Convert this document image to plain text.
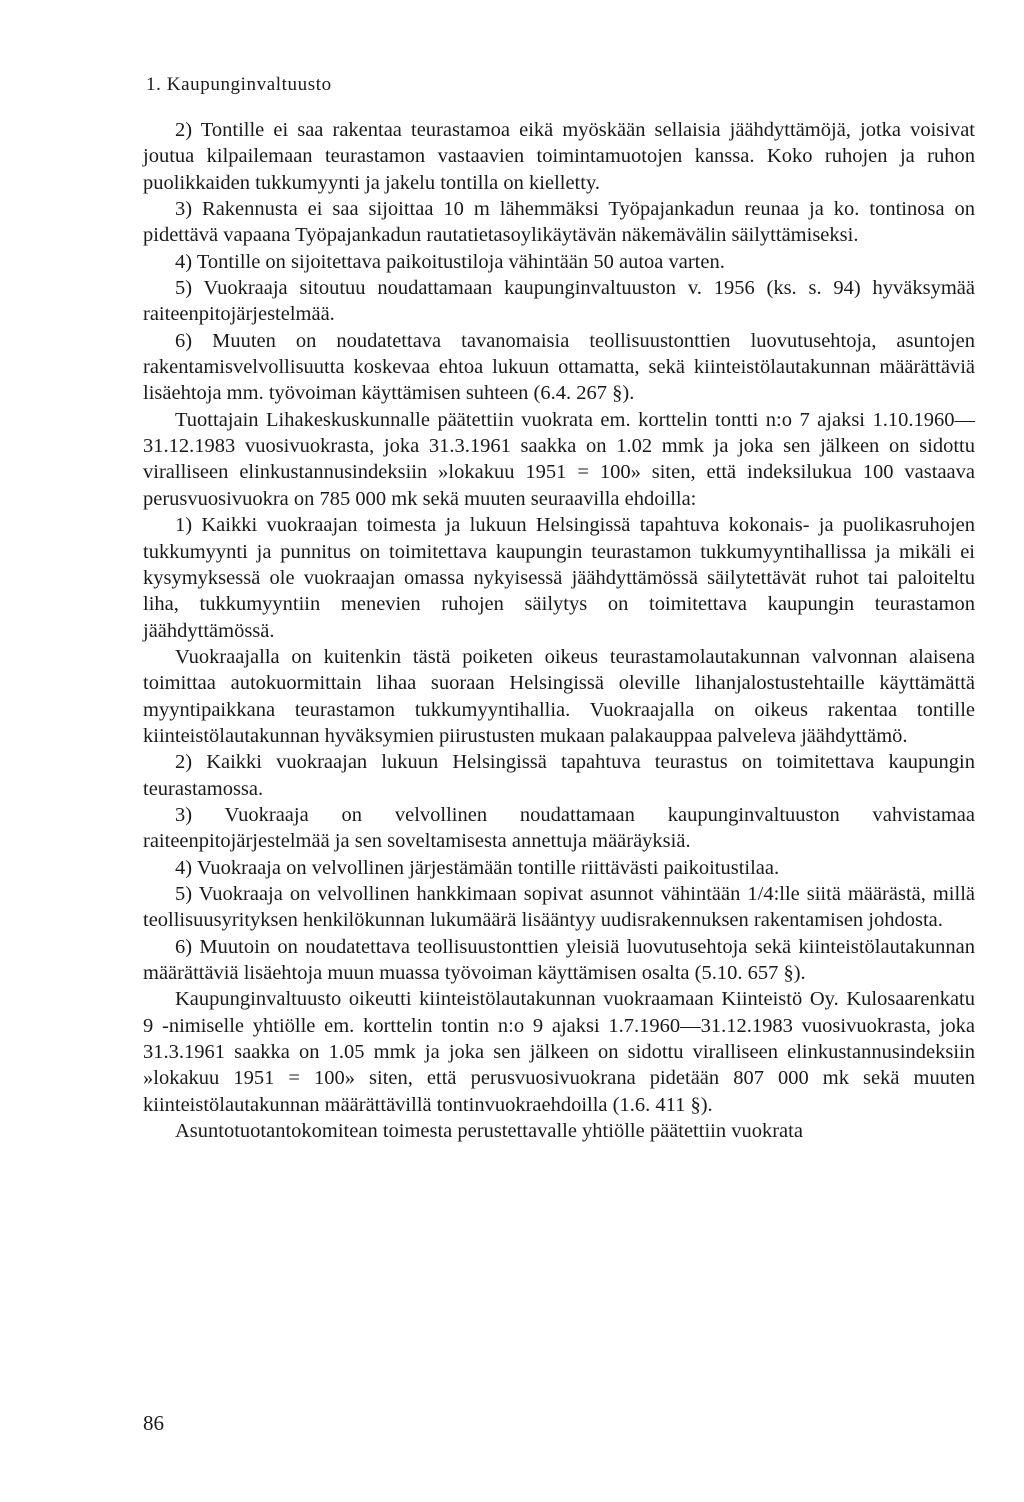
1. Kaupunginvaltuusto

2) Tontille ei saa rakentaa teurastamoa eikä myöskään sellaisia jäähdyttämöjä, jotka voisivat joutua kilpailemaan teurastamon vastaavien toimintamuotojen kanssa. Koko ruhojen ja ruhon puolikkaiden tukkumyynti ja jakelu tontilla on kielletty.

3) Rakennusta ei saa sijoittaa 10 m lähemmäksi Työpajankadun reunaa ja ko. tontinosa on pidettävä vapaana Työpajankadun rautatietasoylikäytävän näkemävälin säilyttämiseksi.

4) Tontille on sijoitettava paikoitustiloja vähintään 50 autoa varten.

5) Vuokraaja sitoutuu noudattamaan kaupunginvaltuuston v. 1956 (ks. s. 94) hyväksymää raiteenpitojärjestelmää.

6) Muuten on noudatettava tavanomaisia teollisuustonttien luovutusehtoja, asuntojen rakentamisvelvollisuutta koskevaa ehtoa lukuun ottamatta, sekä kiinteistölautakunnan määrättäviä lisäehtoja mm. työvoiman käyttämisen suhteen (6.4. 267 §).

Tuottajain Lihakeskuskunnalle päätettiin vuokrata em. korttelin tontti n:o 7 ajaksi 1.10.1960—31.12.1983 vuosivuokrasta, joka 31.3.1961 saakka on 1.02 mmk ja joka sen jälkeen on sidottu viralliseen elinkustannusindeksiin »lokakuu 1951 = 100» siten, että indeksilukua 100 vastaava perusvuosivuokra on 785 000 mk sekä muuten seuraavilla ehdoilla:

1) Kaikki vuokraajan toimesta ja lukuun Helsingissä tapahtuva kokonais- ja puolikasruhojen tukkumyynti ja punnitus on toimitettava kaupungin teurastamon tukkumyyntihallissa ja mikäli ei kysymyksessä ole vuokraajan omassa nykyisessä jäähdyttämössä säilytettävät ruhot tai paloiteltu liha, tukkumyyntiin menevien ruhojen säilytys on toimitettava kaupungin teurastamon jäähdyttämössä.

Vuokraajalla on kuitenkin tästä poiketen oikeus teurastamolautakunnan valvonnan alaisena toimittaa autokuormittain lihaa suoraan Helsingissä oleville lihanjalostustehtaille käyttämättä myyntipaikkana teurastamon tukkumyyntihallia. Vuokraajalla on oikeus rakentaa tontille kiinteistölautakunnan hyväksymien piirustusten mukaan palakauppaa palveleva jäähdyttämö.

2) Kaikki vuokraajan lukuun Helsingissä tapahtuva teurastus on toimitettava kaupungin teurastamossa.

3) Vuokraaja on velvollinen noudattamaan kaupunginvaltuuston vahvistamaa raiteenpitojärjestelmää ja sen soveltamisesta annettuja määräyksiä.

4) Vuokraaja on velvollinen järjestämään tontille riittävästi paikoitustilaa.

5) Vuokraaja on velvollinen hankkimaan sopivat asunnot vähintään 1/4:lle siitä määrästä, millä teollisuusyrityksen henkilökunnan lukumäärä lisääntyy uudisrakennuksen rakentamisen johdosta.

6) Muutoin on noudatettava teollisuustonttien yleisiä luovutusehtoja sekä kiinteistölautakunnan määrättäviä lisäehtoja muun muassa työvoiman käyttämisen osalta (5.10. 657 §).

Kaupunginvaltuusto oikeutti kiinteistölautakunnan vuokraamaan Kiinteistö Oy. Kulosaarenkatu 9 -nimiselle yhtiölle em. korttelin tontin n:o 9 ajaksi 1.7.1960—31.12.1983 vuosivuokrasta, joka 31.3.1961 saakka on 1.05 mmk ja joka sen jälkeen on sidottu viralliseen elinkustannusindeksiin »lokakuu 1951 = 100» siten, että perusvuosivuokrana pidetään 807 000 mk sekä muuten kiinteistölautakunnan määrättävillä tontinvuokraehdoilla (1.6. 411 §).

Asuntotuotantokomitean toimesta perustettavalle yhtiölle päätettiin vuokrata

86
